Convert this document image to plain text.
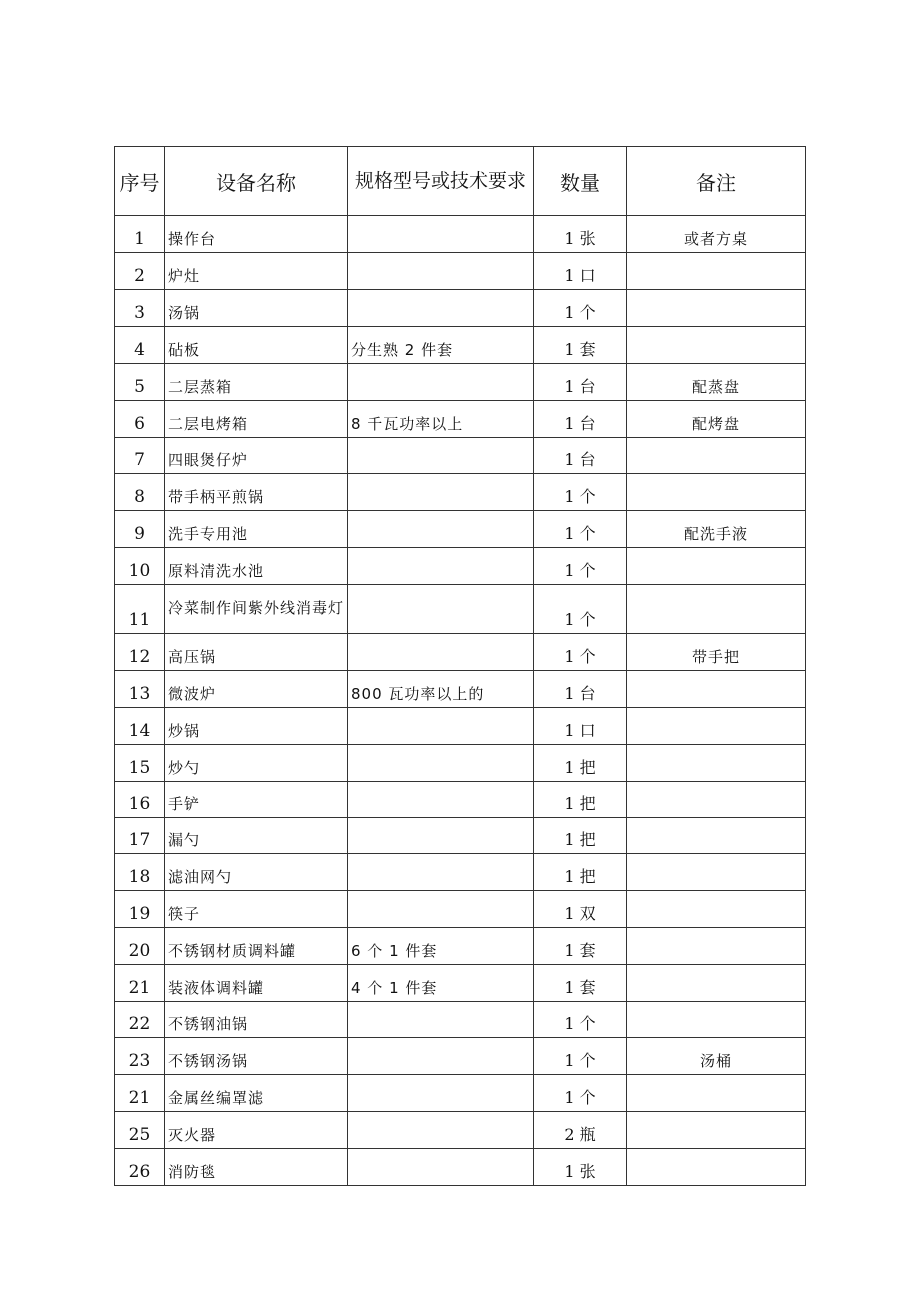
序号	设备名称	规格型号或技术要求	数量	备注
1	操作台		1 张	或者方桌
2	炉灶		1 口	
3	汤锅		1 个	
4	砧板	分生熟 2 件套	1 套	
5	二层蒸箱		1 台	配蒸盘
6	二层电烤箱	8 千瓦功率以上	1 台	配烤盘
7	四眼煲仔炉		1 台	
8	带手柄平煎锅		1 个	
9	洗手专用池		1 个	配洗手液
10	原料清洗水池		1 个	
11	冷菜制作间紫外线消毒灯		1 个	
12	高压锅		1 个	带手把
13	微波炉	800 瓦功率以上的	1 台	
14	炒锅		1 口	
15	炒勺		1 把	
16	手铲		1 把	
17	漏勺		1 把	
18	滤油网勺		1 把	
19	筷子		1 双	
20	不锈钢材质调料罐	6 个 1 件套	1 套	
21	装液体调料罐	4 个 1 件套	1 套	
22	不锈钢油锅		1 个	
23	不锈钢汤锅		1 个	汤桶
21	金属丝编罩滤		1 个	
25	灭火器		2 瓶	
26	消防毯		1 张	
